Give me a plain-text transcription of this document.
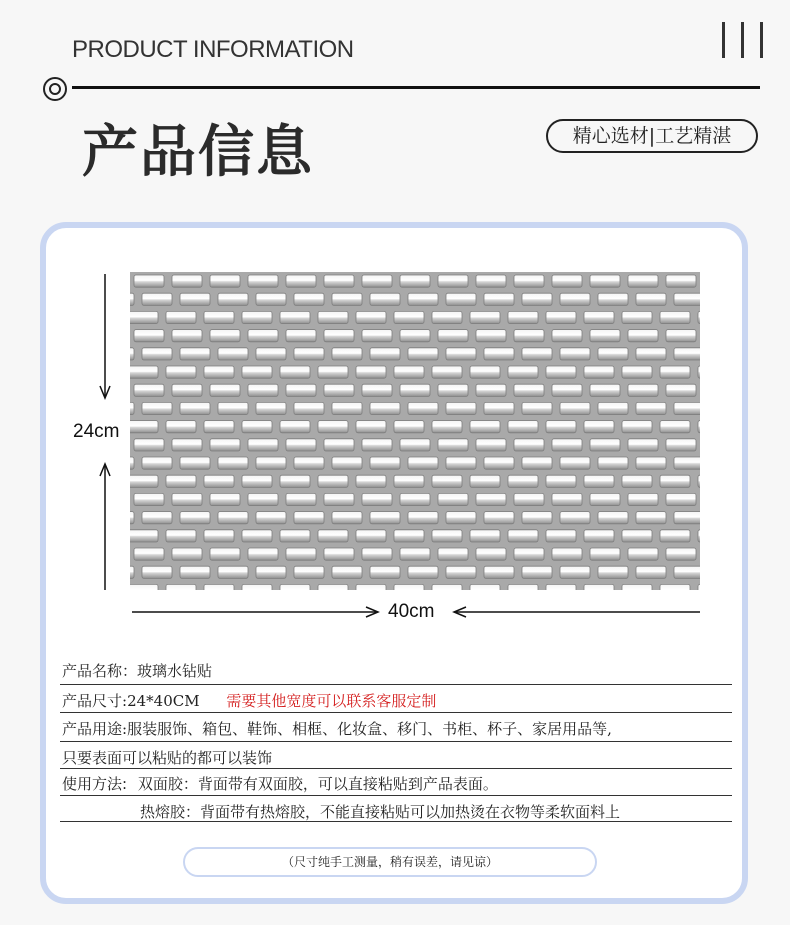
PRODUCT INFORMATION
产品信息	精心选材|工艺精湛
24cm
40cm
产品名称：玻璃水钻贴
产品尺寸:24*40CM 需要其他宽度可以联系客服定制
产品用途:服装服饰、箱包、鞋饰、相框、化妆盒、移门、书柜、杯子、家居用品等,
只要表面可以粘贴的都可以装饰
使用方法: 双面胶：背面带有双面胶，可以直接粘贴到产品表面。
热熔胶：背面带有热熔胶，不能直接粘贴可以加热烫在衣物等柔软面料上
（尺寸纯手工测量，稍有误差，请见谅）
